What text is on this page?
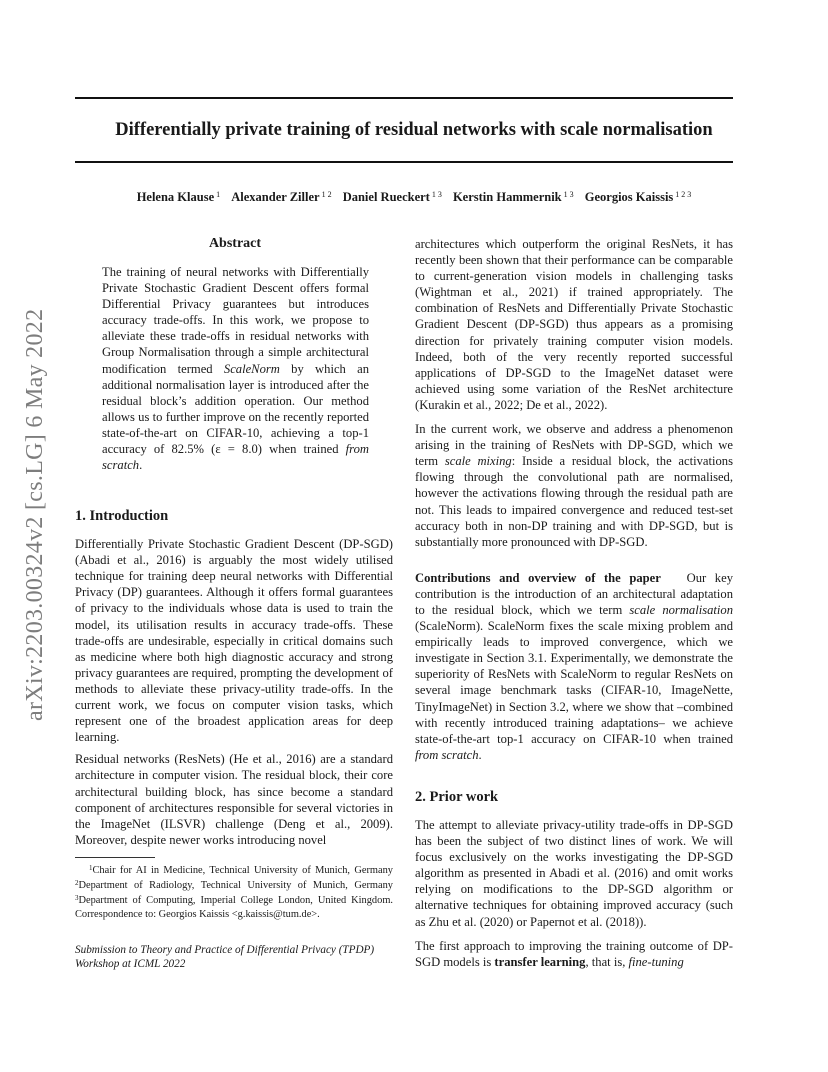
Differentially private training of residual networks with scale normalisation
Helena Klause $^1$ Alexander Ziller $^{1 2}$ Daniel Rueckert $^{1 3}$ Kerstin Hammernik $^{1 3}$ Georgios Kaissis $^{1 2 3}$
arXiv:2203.00324v2 [cs.LG] 6 May 2022
Abstract

The training of neural networks with Differentially Private Stochastic Gradient Descent offers formal Differential Privacy guarantees but introduces accuracy trade-offs. In this work, we propose to alleviate these trade-offs in residual networks with Group Normalisation through a simple architectural modification termed ScaleNorm by which an additional normalisation layer is introduced after the residual block’s addition operation. Our method allows us to further improve on the recently reported state-of-the-art on CIFAR-10, achieving a top-1 accuracy of 82.5% (ε = 8.0) when trained from scratch.

1. Introduction

Differentially Private Stochastic Gradient Descent (DP-SGD) (Abadi et al., 2016) is arguably the most widely utilised technique for training deep neural networks with Differential Privacy (DP) guarantees. Although it offers formal guarantees of privacy to the individuals whose data is used to train the model, its utilisation results in accuracy trade-offs. These trade-offs are undesirable, especially in critical domains such as medicine where both high diagnostic accuracy and strong privacy guarantees are required, prompting the development of methods to alleviate these privacy-utility trade-offs. In the current work, we focus on computer vision tasks, which represent one of the broadest application areas for deep learning.

Residual networks (ResNets) (He et al., 2016) are a standard architecture in computer vision. The residual block, their core architectural building block, has since become a standard component of architectures responsible for several victories in the ImageNet (ILSVR) challenge (Deng et al., 2009). Moreover, despite newer works introducing novel

$^1$Chair for AI in Medicine, Technical University of Munich, Germany $^2$Department of Radiology, Technical University of Munich, Germany $^3$Department of Computing, Imperial College London, United Kingdom. Correspondence to: Georgios Kaissis <g.kaissis@tum.de>.
Submission to Theory and Practice of Differential Privacy (TPDP) Workshop at ICML 2022

architectures which outperform the original ResNets, it has recently been shown that their performance can be comparable to current-generation vision models in challenging tasks (Wightman et al., 2021) if trained appropriately. The combination of ResNets and Differentially Private Stochastic Gradient Descent (DP-SGD) thus appears as a promising direction for privately training computer vision models. Indeed, both of the very recently reported successful applications of DP-SGD to the ImageNet dataset were achieved using some variation of the ResNet architecture (Kurakin et al., 2022; De et al., 2022).

In the current work, we observe and address a phenomenon arising in the training of ResNets with DP-SGD, which we term scale mixing: Inside a residual block, the activations flowing through the convolutional path are normalised, however the activations flowing through the residual path are not. This leads to impaired convergence and reduced test-set accuracy both in non-DP training and with DP-SGD, but is substantially more pronounced with DP-SGD.

Contributions and overview of the paper   Our key contribution is the introduction of an architectural adaptation to the residual block, which we term scale normalisation (ScaleNorm). ScaleNorm fixes the scale mixing problem and empirically leads to improved convergence, which we investigate in Section 3.1. Experimentally, we demonstrate the superiority of ResNets with ScaleNorm to regular ResNets on several image benchmark tasks (CIFAR-10, ImageNette, TinyImageNet) in Section 3.2, where we show that –combined with recently introduced training adaptations– we achieve state-of-the-art top-1 accuracy on CIFAR-10 when trained from scratch.

2. Prior work

The attempt to alleviate privacy-utility trade-offs in DP-SGD has been the subject of two distinct lines of work. We will focus exclusively on the works investigating the DP-SGD algorithm as presented in Abadi et al. (2016) and omit works relying on modifications to the DP-SGD algorithm or alternative techniques for obtaining improved accuracy (such as Zhu et al. (2020) or Papernot et al. (2018)).

The first approach to improving the training outcome of DP-SGD models is transfer learning, that is, fine-tuning
